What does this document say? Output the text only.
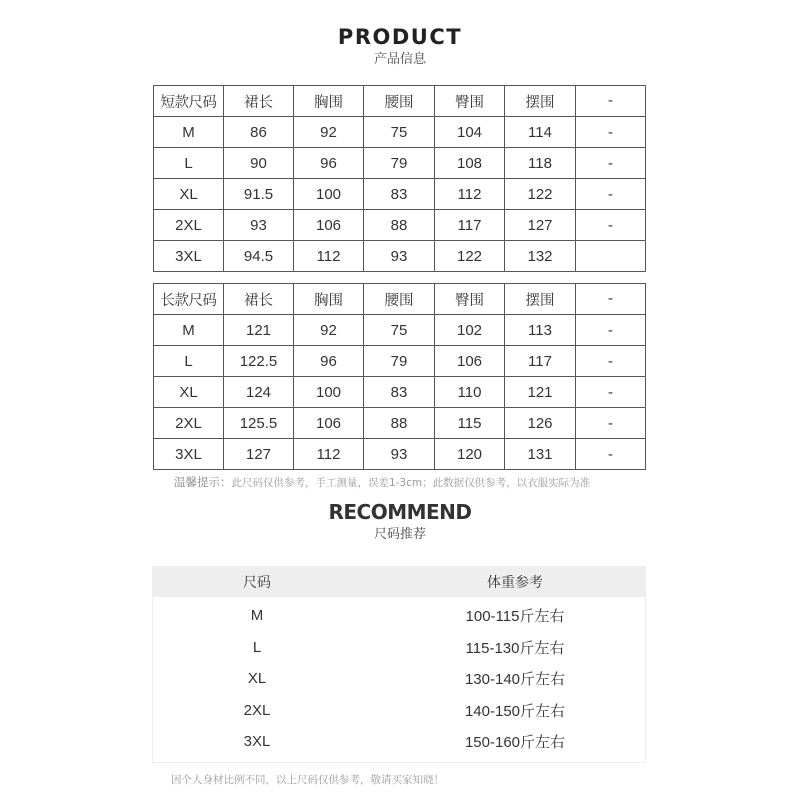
PRODUCT
产品信息
短款尺码	裙长	胸围	腰围	臀围	摆围	-
M	86	92	75	104	114	-
L	90	96	79	108	118	-
XL	91.5	100	83	112	122	-
2XL	93	106	88	117	127	-
3XL	94.5	112	93	122	132	
长款尺码	裙长	胸围	腰围	臀围	摆围	-
M	121	92	75	102	113	-
L	122.5	96	79	106	117	-
XL	124	100	83	110	121	-
2XL	125.5	106	88	115	126	-
3XL	127	112	93	120	131	-
温馨提示：此尺码仅供参考，手工测量，误差1-3cm；此数据仅供参考，以衣服实际为准
RECOMMEND
尺码推荐
尺码	体重参考
M	100-115斤左右
L	115-130斤左右
XL	130-140斤左右
2XL	140-150斤左右
3XL	150-160斤左右
因个人身材比例不同，以上尺码仅供参考，敬请买家知晓！
